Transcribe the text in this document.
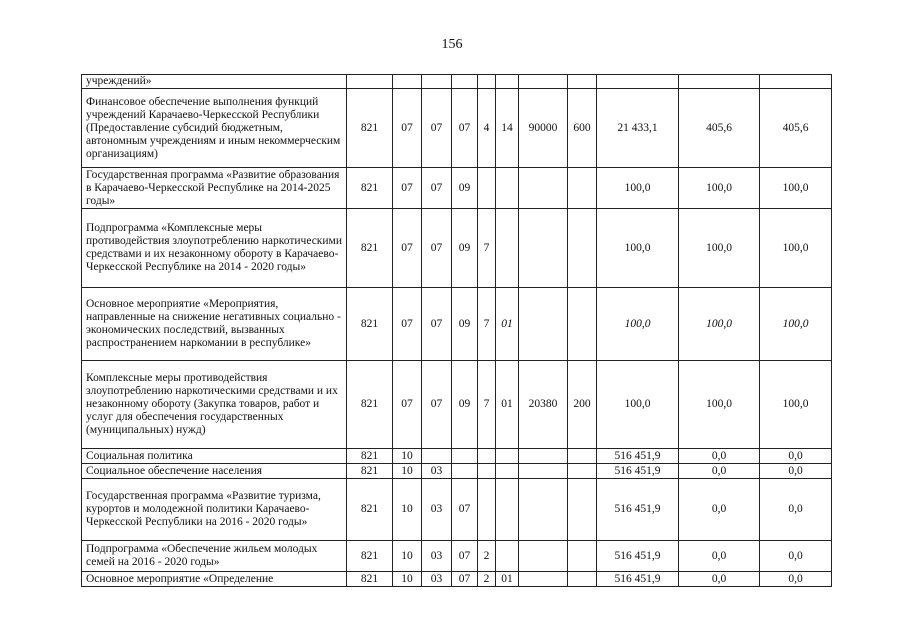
156
учреждений»											
Финансовое обеспечение выполнения функций учреждений Карачаево-Черкесской Республики (Предоставление субсидий бюджетным, автономным учреждениям и иным некоммерческим организациям)	821	07	07	07	4	14	90000	600	21 433,1	405,6	405,6
Государственная программа «Развитие образования в Карачаево-Черкесской Республике на 2014-2025 годы»	821	07	07	09					100,0	100,0	100,0
Подпрограмма «Комплексные меры противодействия злоупотреблению наркотическими средствами и их незаконному обороту в Карачаево-Черкесской Республике на 2014 - 2020 годы»	821	07	07	09	7				100,0	100,0	100,0
Основное мероприятие «Мероприятия, направленные на снижение негативных социально - экономических последствий, вызванных распространением наркомании в республике»	821	07	07	09	7	01			100,0	100,0	100,0
Комплексные меры противодействия злоупотреблению наркотическими средствами и их незаконному обороту (Закупка товаров, работ и услуг для обеспечения государственных (муниципальных) нужд)	821	07	07	09	7	01	20380	200	100,0	100,0	100,0
Социальная политика	821	10							516 451,9	0,0	0,0
Социальное обеспечение населения	821	10	03						516 451,9	0,0	0,0
Государственная программа «Развитие туризма, курортов и молодежной политики Карачаево-Черкесской Республики на 2016 - 2020 годы»	821	10	03	07					516 451,9	0,0	0,0
Подпрограмма «Обеспечение жильем молодых семей на 2016 - 2020 годы»	821	10	03	07	2				516 451,9	0,0	0,0
Основное мероприятие «Определение	821	10	03	07	2	01			516 451,9	0,0	0,0
